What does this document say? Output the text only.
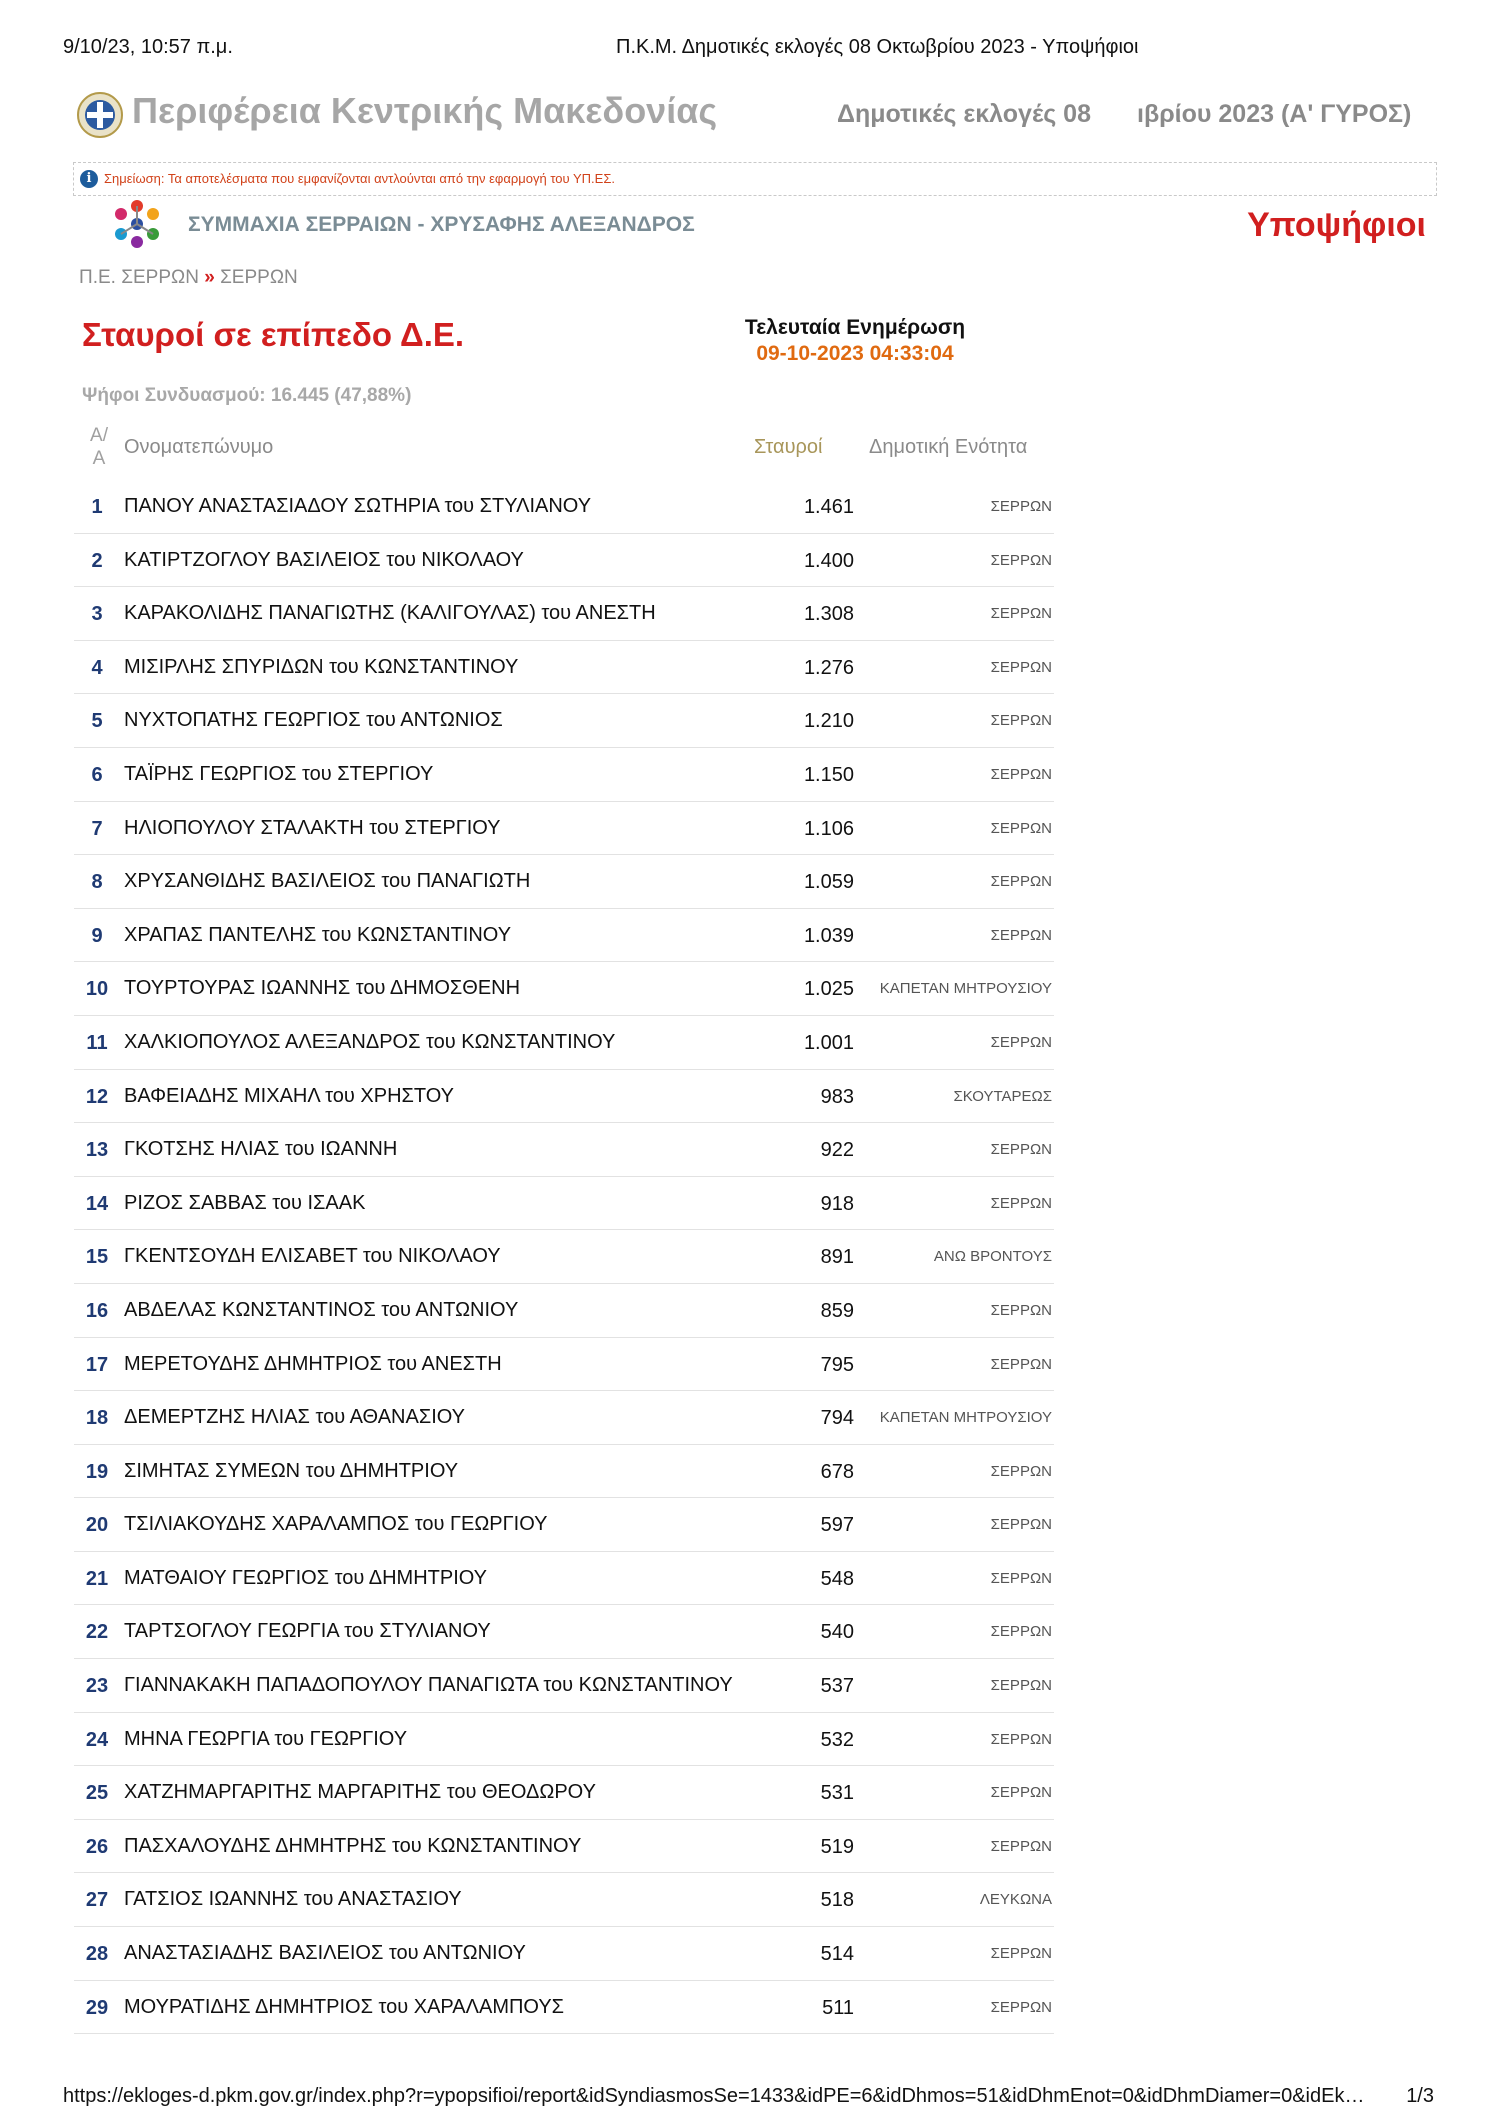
9/10/23, 10:57 π.μ.	Π.Κ.Μ. Δημοτικές εκλογές 08 Οκτωβρίου 2023 - Υποψήφιοι
Περιφέρεια Κεντρικής Μακεδονίας	Δημοτικές εκλογές 08 ıβρίου 2023 (Α' ΓΥΡΟΣ)
i Σημείωση: Τα αποτελέσματα που εμφανίζονται αντλούνται από την εφαρμογή του ΥΠ.ΕΣ.
ΣΥΜΜΑΧΙΑ ΣΕΡΡΑΙΩΝ - ΧΡΥΣΑΦΗΣ ΑΛΕΞΑΝΔΡΟΣ	Υποψήφιοι
Π.Ε. ΣΕΡΡΩΝ » ΣΕΡΡΩΝ
Σταυροί σε επίπεδο Δ.Ε.	Τελευταία Ενημέρωση
09-10-2023 04:33:04
Ψήφοι Συνδυασμού: 16.445 (47,88%)
Α/
Α
Ονοματεπώνυμο	Σταυροί Δημοτική Ενότητα
1	ΠΑΝΟΥ ΑΝΑΣΤΑΣΙΑΔΟΥ ΣΩΤΗΡΙΑ του ΣΤΥΛΙΑΝΟΥ	1.461	ΣΕΡΡΩΝ
2	ΚΑΤΙΡΤΖΟΓΛΟΥ ΒΑΣΙΛΕΙΟΣ του ΝΙΚΟΛΑΟΥ	1.400	ΣΕΡΡΩΝ
3	ΚΑΡΑΚΟΛΙΔΗΣ ΠΑΝΑΓΙΩΤΗΣ (ΚΑΛΙΓΟΥΛΑΣ) του ΑΝΕΣΤΗ	1.308	ΣΕΡΡΩΝ
4	ΜΙΣΙΡΛΗΣ ΣΠΥΡΙΔΩΝ του ΚΩΝΣΤΑΝΤΙΝΟΥ	1.276	ΣΕΡΡΩΝ
5	ΝΥΧΤΟΠΑΤΗΣ ΓΕΩΡΓΙΟΣ του ΑΝΤΩΝΙΟΣ	1.210	ΣΕΡΡΩΝ
6	ΤΑΪΡΗΣ ΓΕΩΡΓΙΟΣ του ΣΤΕΡΓΙΟΥ	1.150	ΣΕΡΡΩΝ
7	ΗΛΙΟΠΟΥΛΟΥ ΣΤΑΛΑΚΤΗ του ΣΤΕΡΓΙΟΥ	1.106	ΣΕΡΡΩΝ
8	ΧΡΥΣΑΝΘΙΔΗΣ ΒΑΣΙΛΕΙΟΣ του ΠΑΝΑΓΙΩΤΗ	1.059	ΣΕΡΡΩΝ
9	ΧΡΑΠΑΣ ΠΑΝΤΕΛΗΣ του ΚΩΝΣΤΑΝΤΙΝΟΥ	1.039	ΣΕΡΡΩΝ
10 ΤΟΥΡΤΟΥΡΑΣ ΙΩΑΝΝΗΣ του ΔΗΜΟΣΘΕΝΗ	1.025	ΚΑΠΕΤΑΝ ΜΗΤΡΟΥΣΙΟΥ
11 ΧΑΛΚΙΟΠΟΥΛΟΣ ΑΛΕΞΑΝΔΡΟΣ του ΚΩΝΣΤΑΝΤΙΝΟΥ	1.001	ΣΕΡΡΩΝ
12 ΒΑΦΕΙΑΔΗΣ ΜΙΧΑΗΛ του ΧΡΗΣΤΟΥ	983	ΣΚΟΥΤΑΡΕΩΣ
13 ΓΚΟΤΣΗΣ ΗΛΙΑΣ του ΙΩΑΝΝΗ	922	ΣΕΡΡΩΝ
14 ΡΙΖΟΣ ΣΑΒΒΑΣ του ΙΣΑΑΚ	918	ΣΕΡΡΩΝ
15 ΓΚΕΝΤΣΟΥΔΗ ΕΛΙΣΑΒΕΤ του ΝΙΚΟΛΑΟΥ	891	ΑΝΩ ΒΡΟΝΤΟΥΣ
16 ΑΒΔΕΛΑΣ ΚΩΝΣΤΑΝΤΙΝΟΣ του ΑΝΤΩΝΙΟΥ	859	ΣΕΡΡΩΝ
17 ΜΕΡΕΤΟΥΔΗΣ ΔΗΜΗΤΡΙΟΣ του ΑΝΕΣΤΗ	795	ΣΕΡΡΩΝ
18 ΔΕΜΕΡΤΖΗΣ ΗΛΙΑΣ του ΑΘΑΝΑΣΙΟΥ	794	ΚΑΠΕΤΑΝ ΜΗΤΡΟΥΣΙΟΥ
19 ΣΙΜΗΤΑΣ ΣΥΜΕΩΝ του ΔΗΜΗΤΡΙΟΥ	678	ΣΕΡΡΩΝ
20 ΤΣΙΛΙΑΚΟΥΔΗΣ ΧΑΡΑΛΑΜΠΟΣ του ΓΕΩΡΓΙΟΥ	597	ΣΕΡΡΩΝ
21 ΜΑΤΘΑΙΟΥ ΓΕΩΡΓΙΟΣ του ΔΗΜΗΤΡΙΟΥ	548	ΣΕΡΡΩΝ
22 ΤΑΡΤΣΟΓΛΟΥ ΓΕΩΡΓΙΑ του ΣΤΥΛΙΑΝΟΥ	540	ΣΕΡΡΩΝ
23 ΓΙΑΝΝΑΚΑΚΗ ΠΑΠΑΔΟΠΟΥΛΟΥ ΠΑΝΑΓΙΩΤΑ του ΚΩΝΣΤΑΝΤΙΝΟΥ	537	ΣΕΡΡΩΝ
24 ΜΗΝΑ ΓΕΩΡΓΙΑ του ΓΕΩΡΓΙΟΥ	532	ΣΕΡΡΩΝ
25 ΧΑΤΖΗΜΑΡΓΑΡΙΤΗΣ ΜΑΡΓΑΡΙΤΗΣ του ΘΕΟΔΩΡΟΥ	531	ΣΕΡΡΩΝ
26 ΠΑΣΧΑΛΟΥΔΗΣ ΔΗΜΗΤΡΗΣ του ΚΩΝΣΤΑΝΤΙΝΟΥ	519	ΣΕΡΡΩΝ
27 ΓΑΤΣΙΟΣ ΙΩΑΝΝΗΣ του ΑΝΑΣΤΑΣΙΟΥ	518	ΛΕΥΚΩΝΑ
28 ΑΝΑΣΤΑΣΙΑΔΗΣ ΒΑΣΙΛΕΙΟΣ του ΑΝΤΩΝΙΟΥ	514	ΣΕΡΡΩΝ
29 ΜΟΥΡΑΤΙΔΗΣ ΔΗΜΗΤΡΙΟΣ του ΧΑΡΑΛΑΜΠΟΥΣ	511	ΣΕΡΡΩΝ
https://ekloges-d.pkm.gov.gr/index.php?r=ypopsifioi/report&idSyndiasmosSe=1433&idPE=6&idDhmos=51&idDhmEnot=0&idDhmDiamer=0&idEk… 1/3
